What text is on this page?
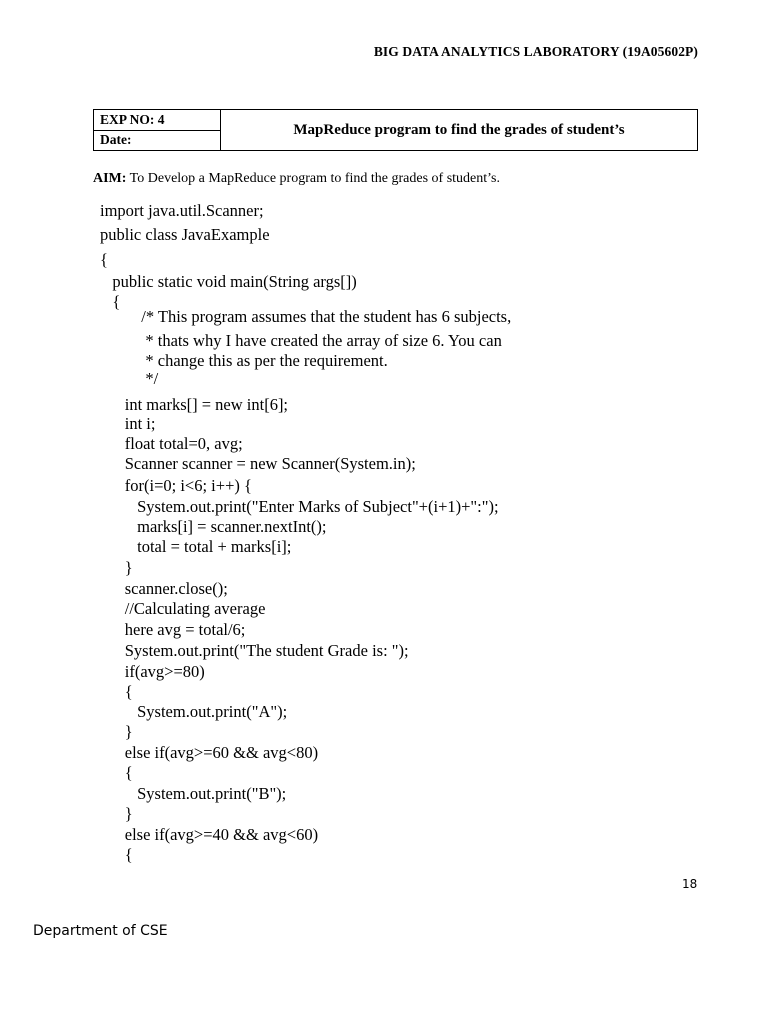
BIG DATA ANALYTICS LABORATORY (19A05602P)
EXP NO: 4
Date:
MapReduce program to find the grades of student’s
AIM: To Develop a MapReduce program to find the grades of student’s.
import java.util.Scanner;
public class JavaExample
{
public static void main(String args[])
{
/* This program assumes that the student has 6 subjects,
* thats why I have created the array of size 6. You can
* change this as per the requirement.
*/
int marks[] = new int[6];
int i;
float total=0, avg;
Scanner scanner = new Scanner(System.in);
for(i=0; i<6; i++) {
System.out.print("Enter Marks of Subject"+(i+1)+":");
marks[i] = scanner.nextInt();
total = total + marks[i];
}
scanner.close();
//Calculating average
here avg = total/6;
System.out.print("The student Grade is: ");
if(avg>=80)
{
System.out.print("A");
}
else if(avg>=60 && avg<80)
{
System.out.print("B");
}
else if(avg>=40 && avg<60)
{
18
Department of CSE
